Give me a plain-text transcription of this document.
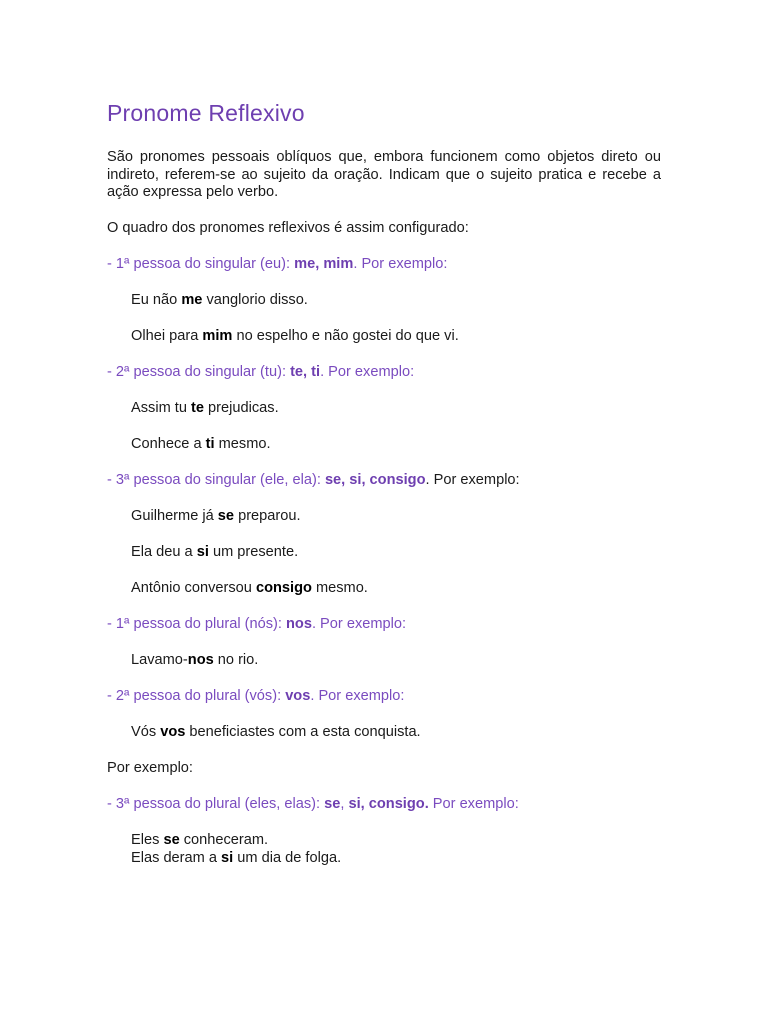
Pronome Reflexivo
São pronomes pessoais oblíquos que, embora funcionem como objetos direto ou indireto, referem-se ao sujeito da oração. Indicam que o sujeito pratica e recebe a ação expressa pelo verbo.
O quadro dos pronomes reflexivos é assim configurado:
- 1ª pessoa do singular (eu): me, mim. Por exemplo:
Eu não me vanglorio disso.
Olhei para mim no espelho e não gostei do que vi.
- 2ª pessoa do singular (tu): te, ti. Por exemplo:
Assim tu te prejudicas.
Conhece a ti mesmo.
- 3ª pessoa do singular (ele, ela): se, si, consigo. Por exemplo:
Guilherme já se preparou.
Ela deu a si um presente.
Antônio conversou consigo mesmo.
- 1ª pessoa do plural (nós): nos. Por exemplo:
Lavamo-nos no rio.
- 2ª pessoa do plural (vós): vos. Por exemplo:
Vós vos beneficiastes com a esta conquista.
Por exemplo:
- 3ª pessoa do plural (eles, elas): se, si, consigo. Por exemplo:
Eles se conheceram.
Elas deram a si um dia de folga.
